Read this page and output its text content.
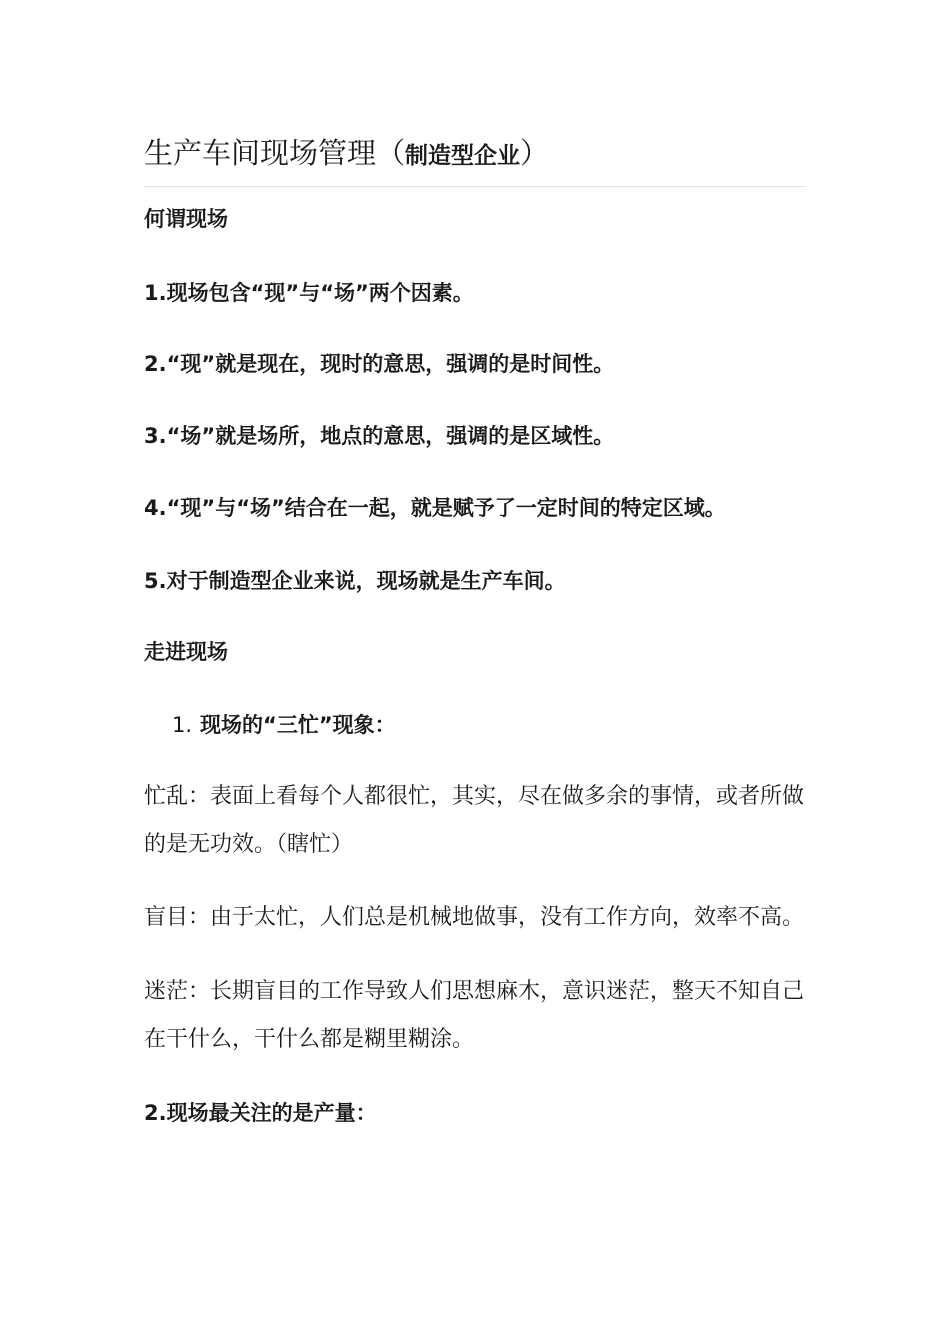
生产车间现场管理（制造型企业）
何谓现场
1.现场包含“现”与“场”两个因素。
2.“现”就是现在，现时的意思，强调的是时间性。
3.“场”就是场所，地点的意思，强调的是区域性。
4.“现”与“场”结合在一起，就是赋予了一定时间的特定区域。
5.对于制造型企业来说，现场就是生产车间。
走进现场
1. 现场的“三忙”现象：
忙乱：表面上看每个人都很忙，其实，尽在做多余的事情，或者所做的是无功效。（瞎忙）
盲目：由于太忙，人们总是机械地做事，没有工作方向，效率不高。
迷茫：长期盲目的工作导致人们思想麻木，意识迷茫，整天不知自己在干什么，干什么都是糊里糊涂。
2.现场最关注的是产量：
